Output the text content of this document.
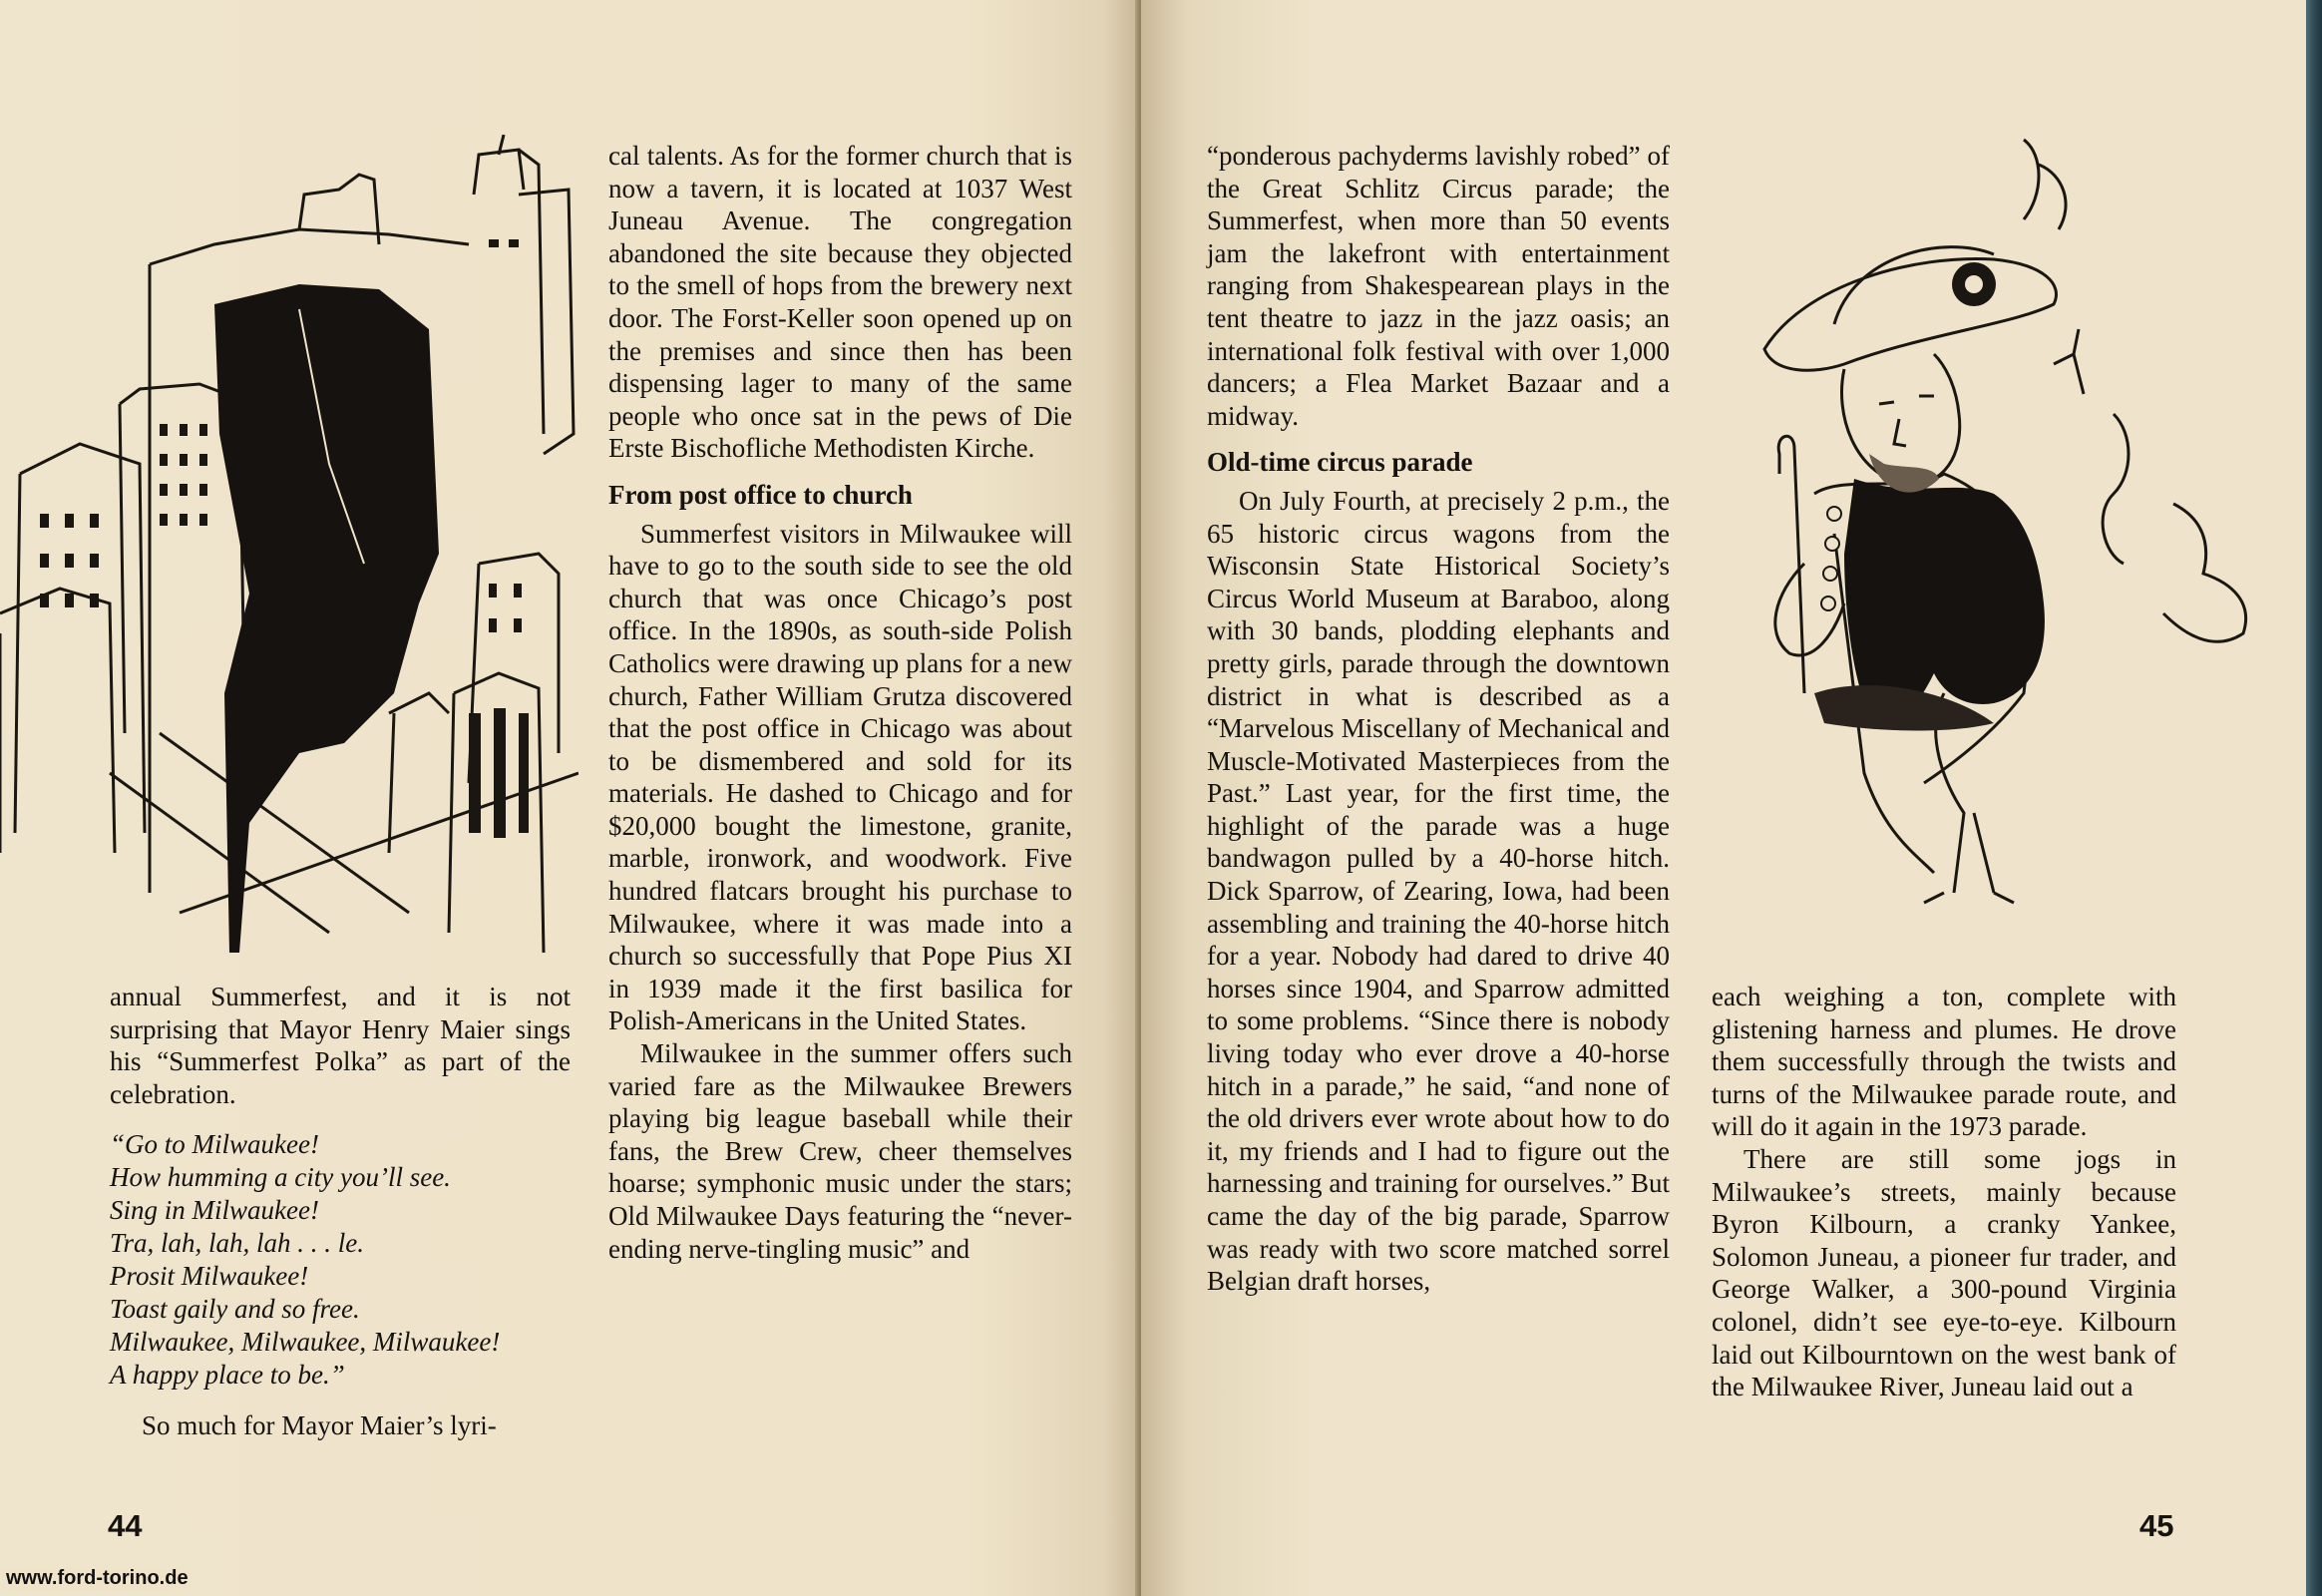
annual Summerfest, and it is not surprising that Mayor Henry Maier sings his “Summerfest Polka” as part of the celebration.

“Go to Milwaukee!
How humming a city you’ll see.
Sing in Milwaukee!
Tra, lah, lah, lah . . . le.
Prosit Milwaukee!
Toast gaily and so free.
Milwaukee, Milwaukee, Milwaukee!
A happy place to be.”

So much for Mayor Maier’s lyri-

cal talents. As for the former church that is now a tavern, it is located at 1037 West Juneau Avenue. The congregation abandoned the site because they objected to the smell of hops from the brewery next door. The Forst-Keller soon opened up on the premises and since then has been dispensing lager to many of the same people who once sat in the pews of Die Erste Bischofliche Methodisten Kirche.

From post office to church

Summerfest visitors in Milwaukee will have to go to the south side to see the old church that was once Chicago’s post office. In the 1890s, as south-side Polish Catholics were drawing up plans for a new church, Father William Grutza discovered that the post office in Chicago was about to be dismembered and sold for its materials. He dashed to Chicago and for $20,000 bought the limestone, granite, marble, ironwork, and woodwork. Five hundred flatcars brought his purchase to Milwaukee, where it was made into a church so successfully that Pope Pius XI in 1939 made it the first basilica for Polish-Americans in the United States.

Milwaukee in the summer offers such varied fare as the Milwaukee Brewers playing big league baseball while their fans, the Brew Crew, cheer themselves hoarse; symphonic music under the stars; Old Milwaukee Days featuring the “never-ending nerve-tingling music” and

44
www.ford-torino.de

“ponderous pachyderms lavishly robed” of the Great Schlitz Circus parade; the Summerfest, when more than 50 events jam the lakefront with entertainment ranging from Shakespearean plays in the tent theatre to jazz in the jazz oasis; an international folk festival with over 1,000 dancers; a Flea Market Bazaar and a midway.

Old-time circus parade

On July Fourth, at precisely 2 p.m., the 65 historic circus wagons from the Wisconsin State Historical Society’s Circus World Museum at Baraboo, along with 30 bands, plodding elephants and pretty girls, parade through the downtown district in what is described as a “Marvelous Miscellany of Mechanical and Muscle-Motivated Masterpieces from the Past.” Last year, for the first time, the highlight of the parade was a huge bandwagon pulled by a 40-horse hitch. Dick Sparrow, of Zearing, Iowa, had been assembling and training the 40-horse hitch for a year. Nobody had dared to drive 40 horses since 1904, and Sparrow admitted to some problems. “Since there is nobody living today who ever drove a 40-horse hitch in a parade,” he said, “and none of the old drivers ever wrote about how to do it, my friends and I had to figure out the harnessing and training for ourselves.” But came the day of the big parade, Sparrow was ready with two score matched sorrel Belgian draft horses,

each weighing a ton, complete with glistening harness and plumes. He drove them successfully through the twists and turns of the Milwaukee parade route, and will do it again in the 1973 parade.

There are still some jogs in Milwaukee’s streets, mainly because Byron Kilbourn, a cranky Yankee, Solomon Juneau, a pioneer fur trader, and George Walker, a 300-pound Virginia colonel, didn’t see eye-to-eye. Kilbourn laid out Kilbourntown on the west bank of the Milwaukee River, Juneau laid out a

45
